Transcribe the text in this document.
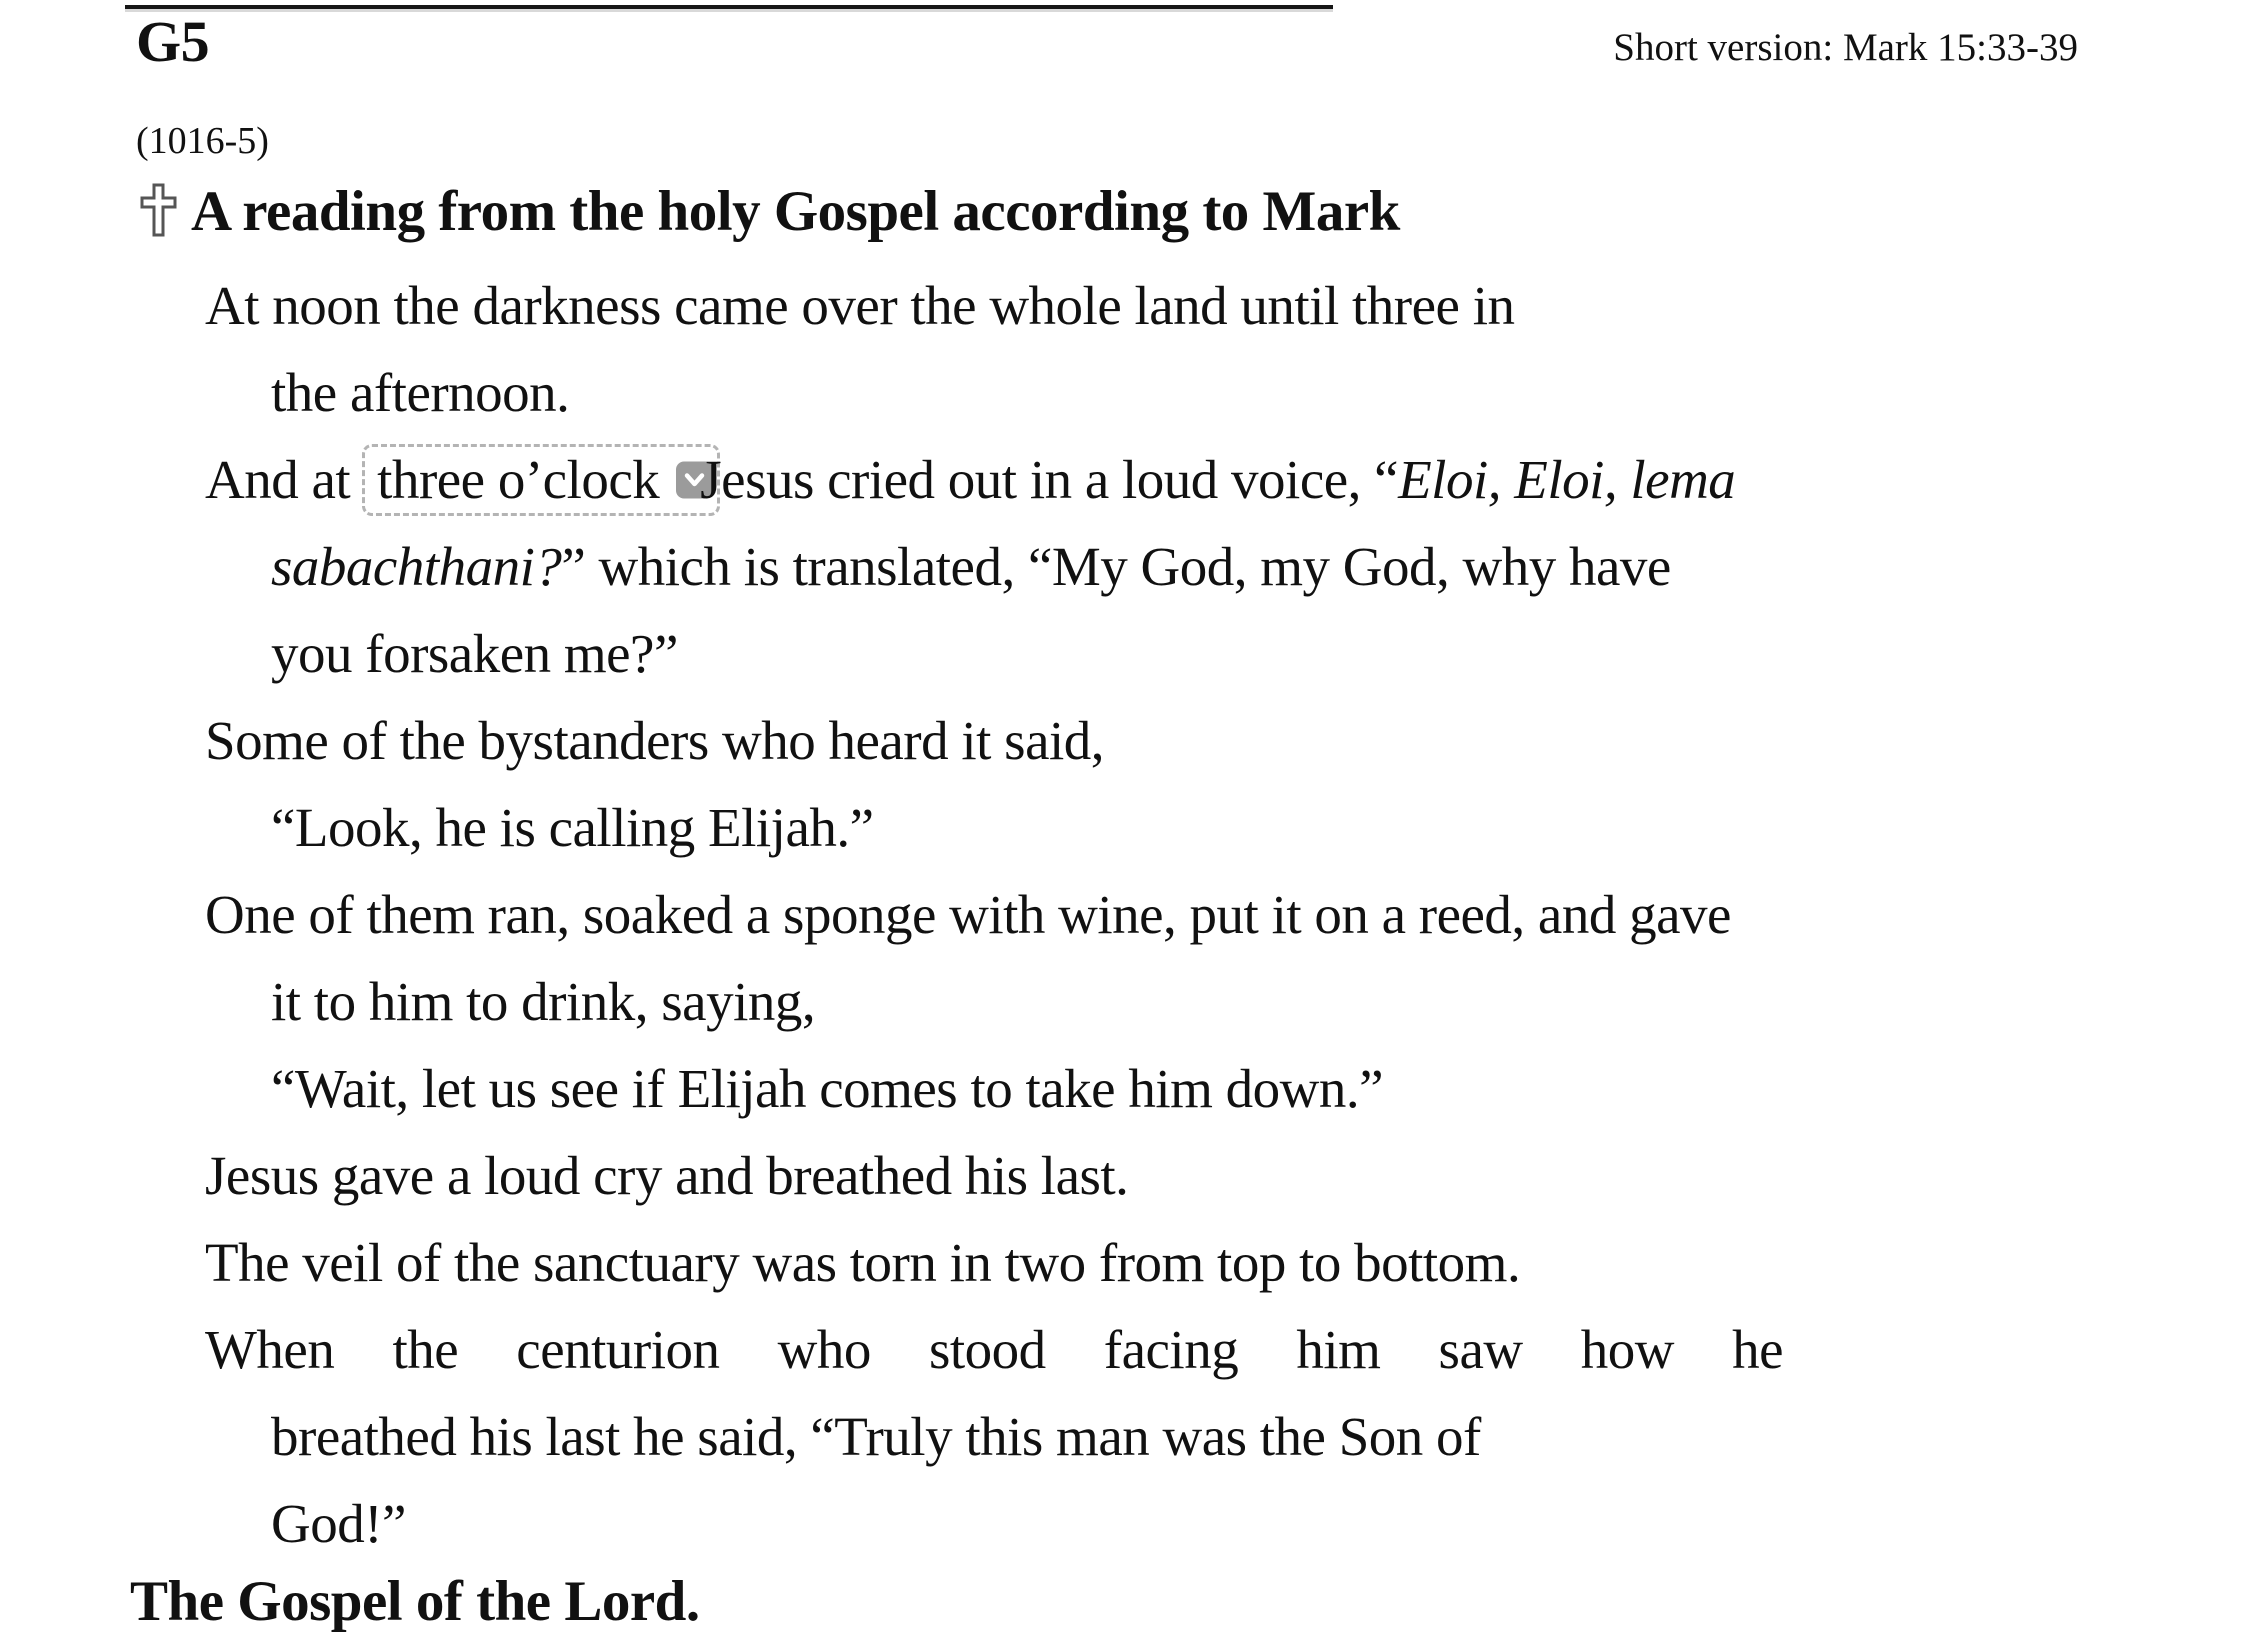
G5	Short version: Mark 15:33-39
(1016-5)
A reading from the holy Gospel according to Mark
At noon the darkness came over the whole land until three in
the afternoon.
And at three o’clock Jesus cried out in a loud voice, “Eloi, Eloi, lema
sabachthani?” which is translated, “My God, my God, why have
you forsaken me?”
Some of the bystanders who heard it said,
“Look, he is calling Elijah.”
One of them ran, soaked a sponge with wine, put it on a reed, and gave
it to him to drink, saying,
“Wait, let us see if Elijah comes to take him down.”
Jesus gave a loud cry and breathed his last.
The veil of the sanctuary was torn in two from top to bottom.
When the centurion who stood facing him saw how he
breathed his last he said, “Truly this man was the Son of
God!”
The Gospel of the Lord.
